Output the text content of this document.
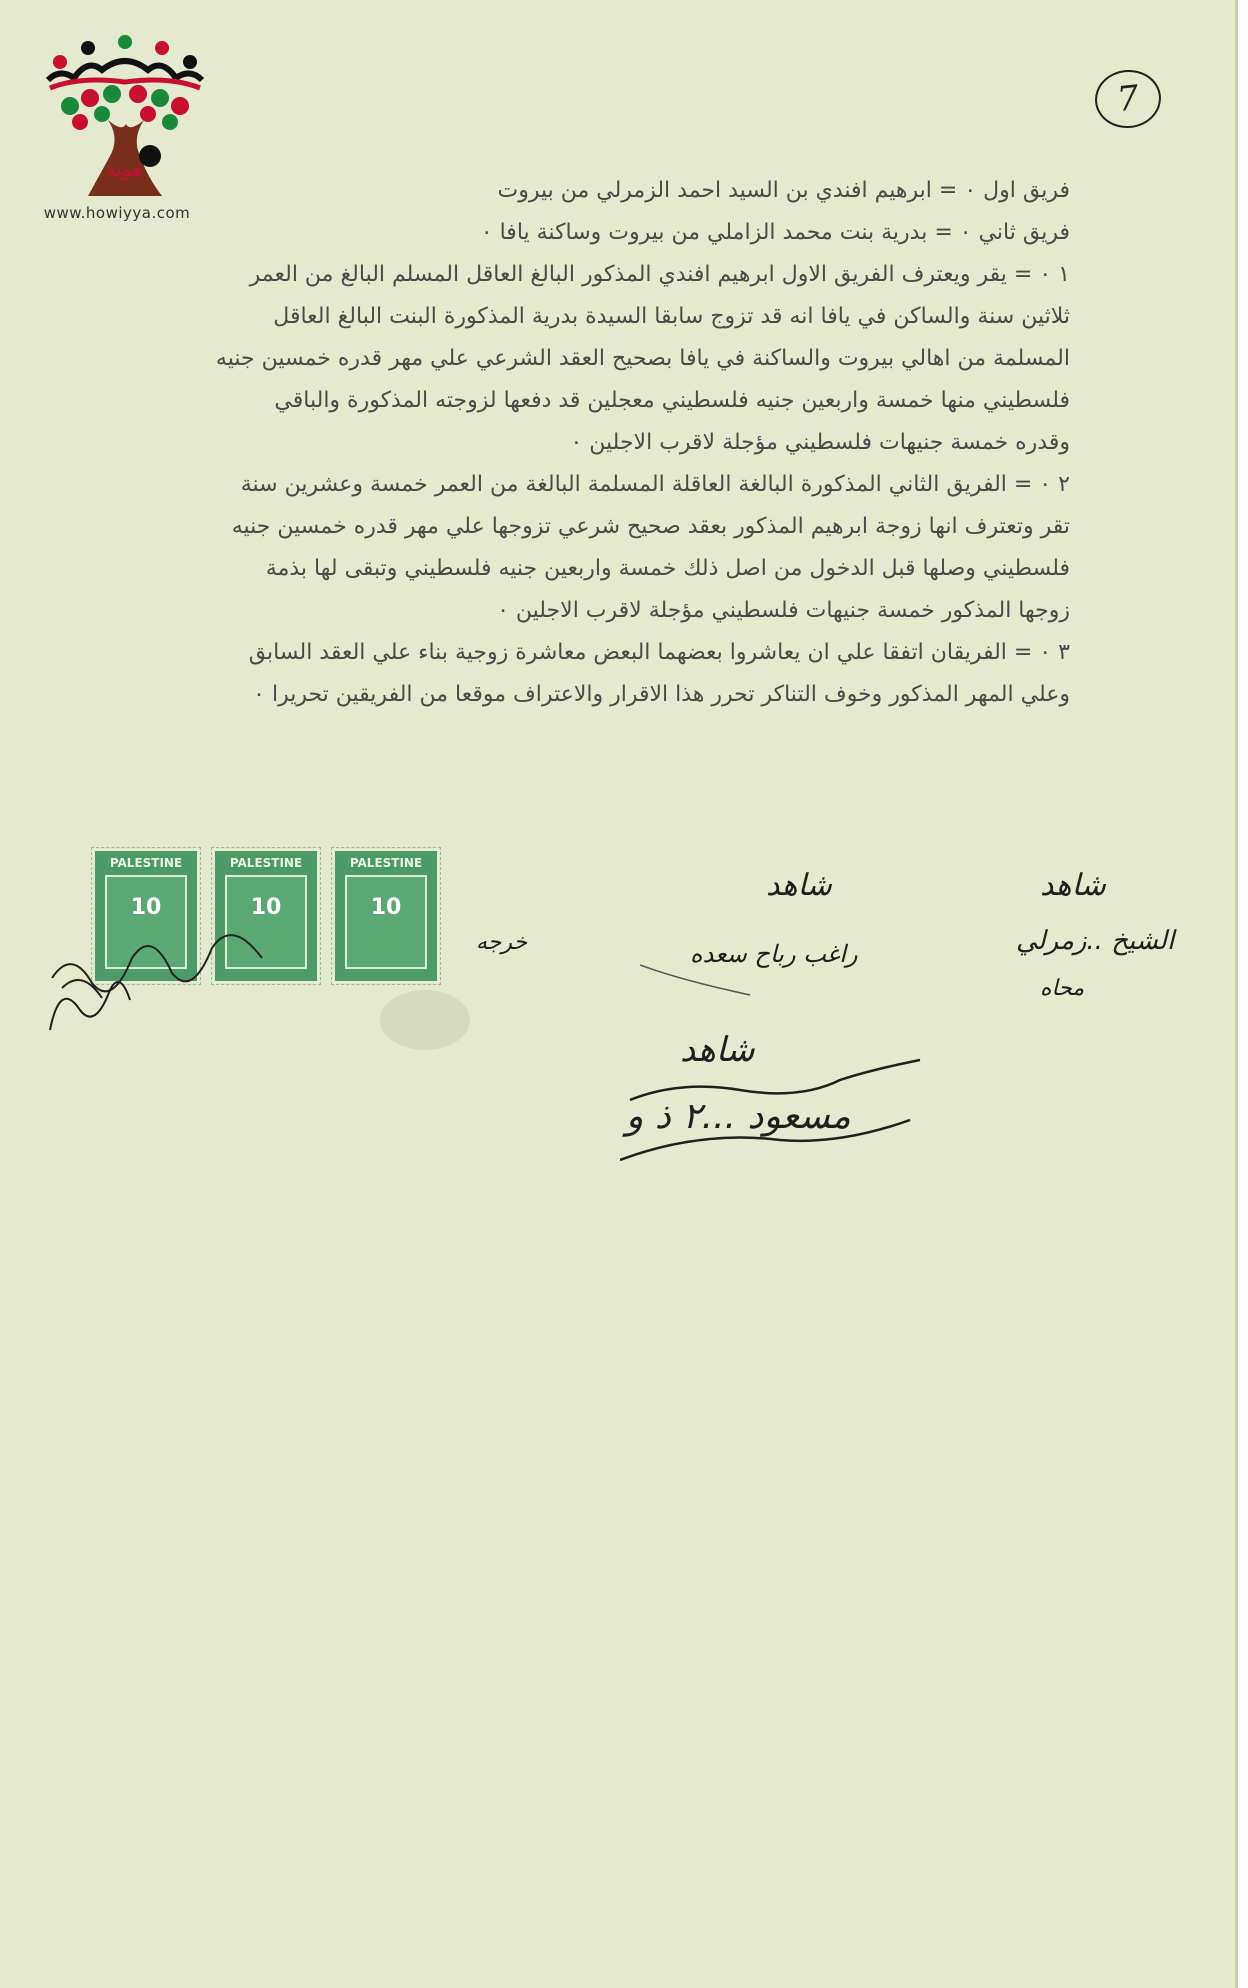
هوية
www.howiyya.com
7
فريق اول ٠ = ابرهيم افندي بن السيد احمد الزمرلي من بيروت
فريق ثاني ٠ = بدرية بنت محمد الزاملي من بيروت وساكنة يافا ٠
١ ٠ = يقر ويعترف الفريق الاول ابرهيم افندي المذكور البالغ العاقل المسلم البالغ من العمر
ثلاثين سنة والساكن في يافا انه قد تزوج سابقا السيدة بدرية المذكورة البنت البالغ العاقل
المسلمة من اهالي بيروت والساكنة في يافا بصحيح العقد الشرعي علي مهر قدره خمسين جنيه
فلسطيني منها خمسة واربعين جنيه فلسطيني معجلين قد دفعها لزوجته المذكورة والباقي
وقدره خمسة جنيهات فلسطيني مؤجلة لاقرب الاجلين ٠
٢ ٠ = الفريق الثاني المذكورة البالغة العاقلة المسلمة البالغة من العمر خمسة وعشرين سنة
تقر وتعترف انها زوجة ابرهيم المذكور بعقد صحيح شرعي تزوجها علي مهر قدره خمسين جنيه
فلسطيني وصلها قبل الدخول من اصل ذلك خمسة واربعين جنيه فلسطيني وتبقى لها بذمة
زوجها المذكور خمسة جنيهات فلسطيني مؤجلة لاقرب الاجلين ٠
٣ ٠ = الفريقان اتفقا علي ان يعاشروا بعضهما البعض معاشرة زوجية بناء علي العقد السابق
وعلي المهر المذكور وخوف التناكر تحرر هذا الاقرار والاعتراف موقعا من الفريقين تحريرا ٠
PALESTINE
10
PALESTINE
10
PALESTINE
10
خرجه
شاهد
راغب رباح سعده
شاهد
الشيخ ..زمرلي
محاه
شاهد
مسعود ...٢ ذ و
